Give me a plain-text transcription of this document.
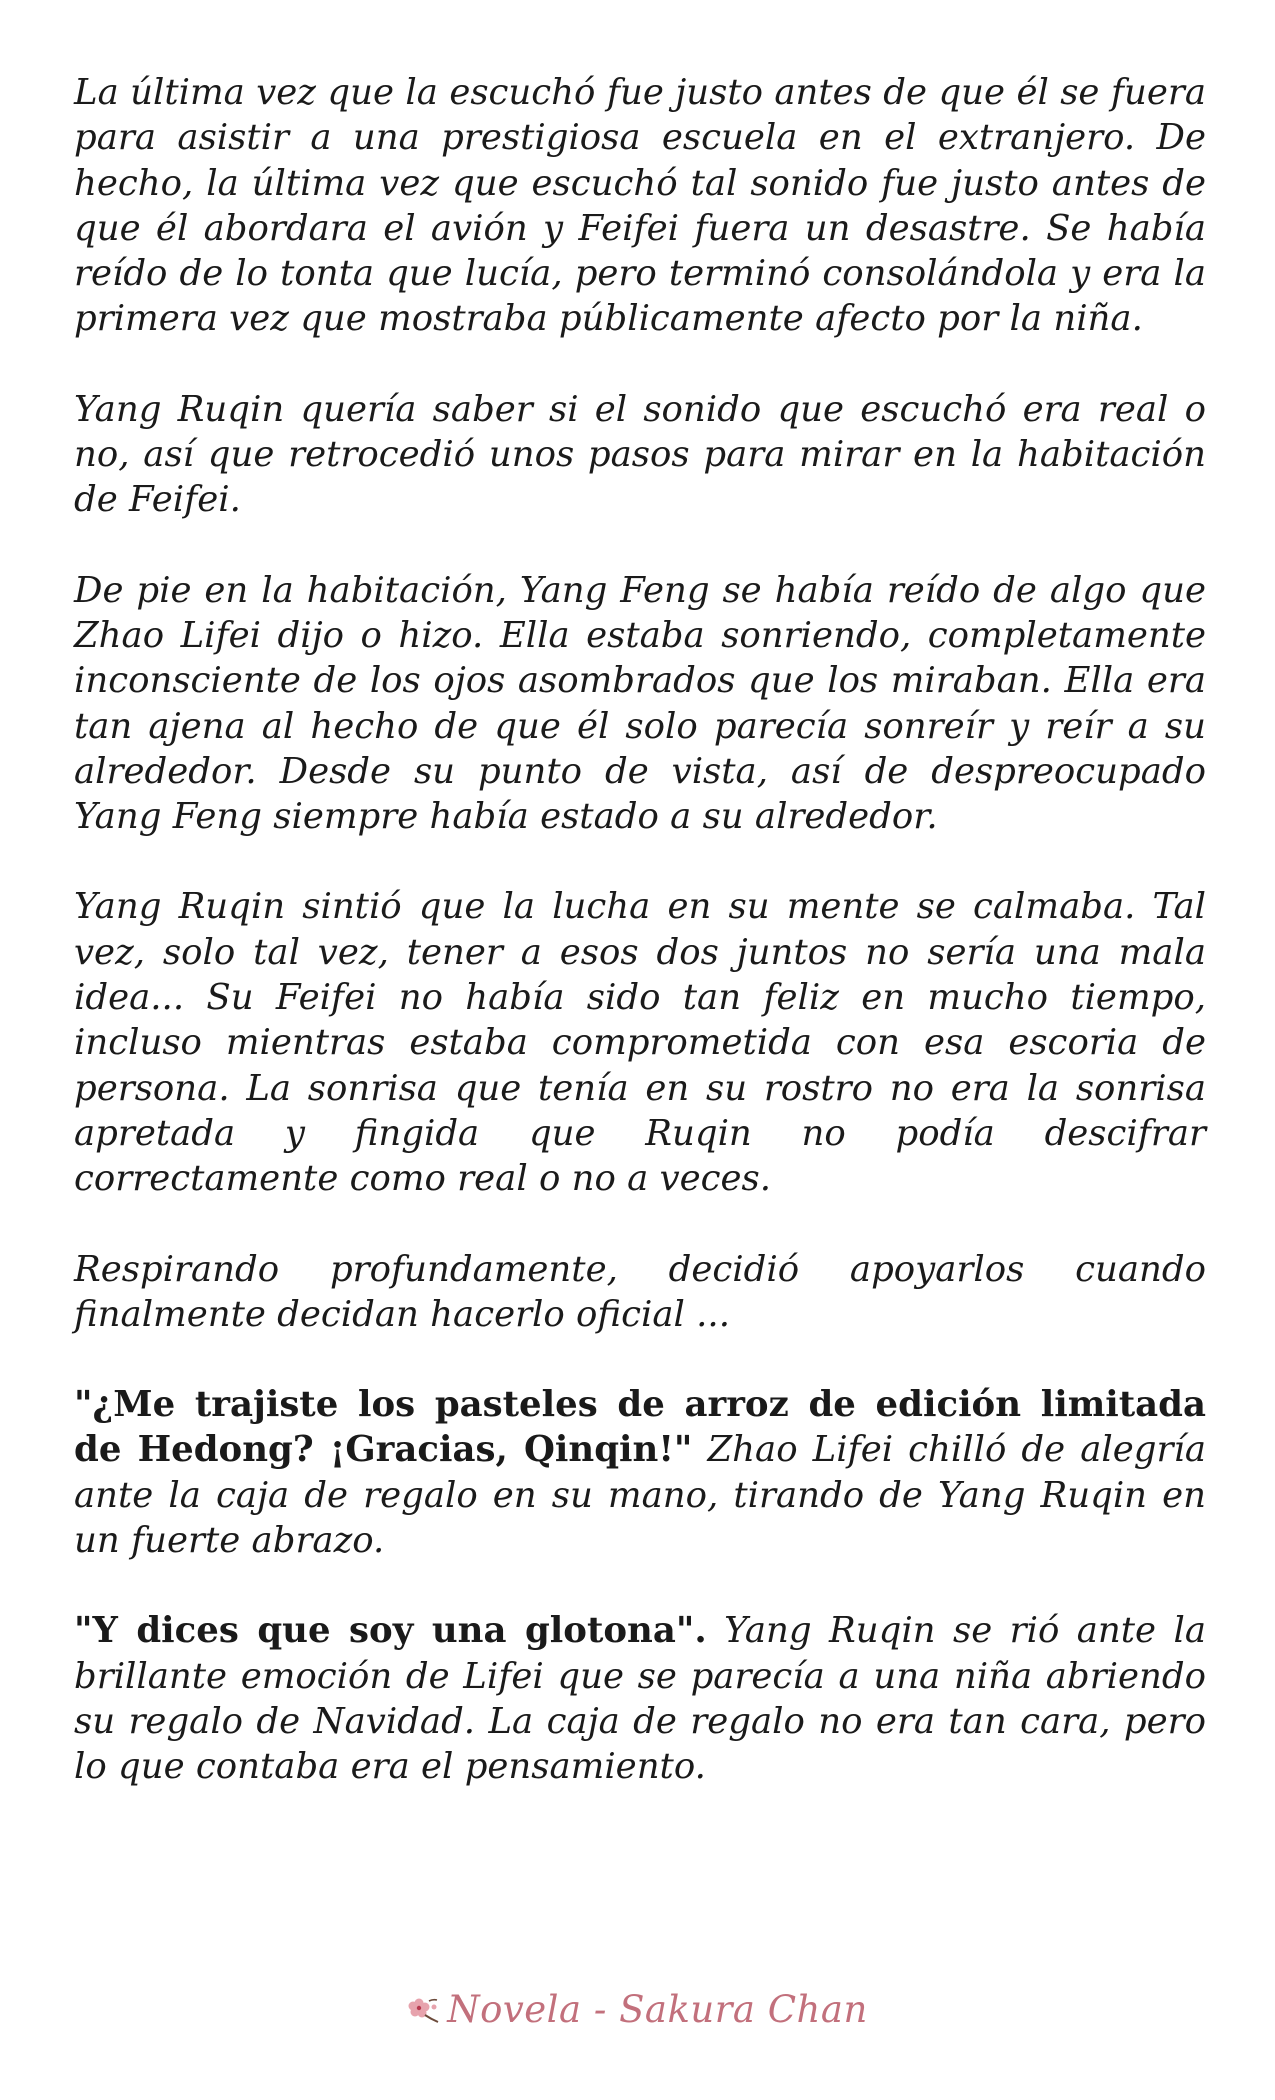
La última vez que la escuchó fue justo antes de que él se fuera para asistir a una prestigiosa escuela en el extranjero. De hecho, la última vez que escuchó tal sonido fue justo antes de que él abordara el avión y Feifei fuera un desastre. Se había reído de lo tonta que lucía, pero terminó consolándola y era la primera vez que mostraba públicamente afecto por la niña.

Yang Ruqin quería saber si el sonido que escuchó era real o no, así que retrocedió unos pasos para mirar en la habitación de Feifei.

De pie en la habitación, Yang Feng se había reído de algo que Zhao Lifei dijo o hizo. Ella estaba sonriendo, completamente inconsciente de los ojos asombrados que los miraban. Ella era tan ajena al hecho de que él solo parecía sonreír y reír a su alrededor. Desde su punto de vista, así de despreocupado Yang Feng siempre había estado a su alrededor.

Yang Ruqin sintió que la lucha en su mente se calmaba. Tal vez, solo tal vez, tener a esos dos juntos no sería una mala idea... Su Feifei no había sido tan feliz en mucho tiempo, incluso mientras estaba comprometida con esa escoria de persona. La sonrisa que tenía en su rostro no era la sonrisa apretada y fingida que Ruqin no podía descifrar correctamente como real o no a veces.

Respirando profundamente, decidió apoyarlos cuando finalmente decidan hacerlo oficial ...

"¿Me trajiste los pasteles de arroz de edición limitada de Hedong? ¡Gracias, Qinqin!" Zhao Lifei chilló de alegría ante la caja de regalo en su mano, tirando de Yang Ruqin en un fuerte abrazo.

"Y dices que soy una glotona". Yang Ruqin se rió ante la brillante emoción de Lifei que se parecía a una niña abriendo su regalo de Navidad. La caja de regalo no era tan cara, pero lo que contaba era el pensamiento.

Novela - Sakura Chan
